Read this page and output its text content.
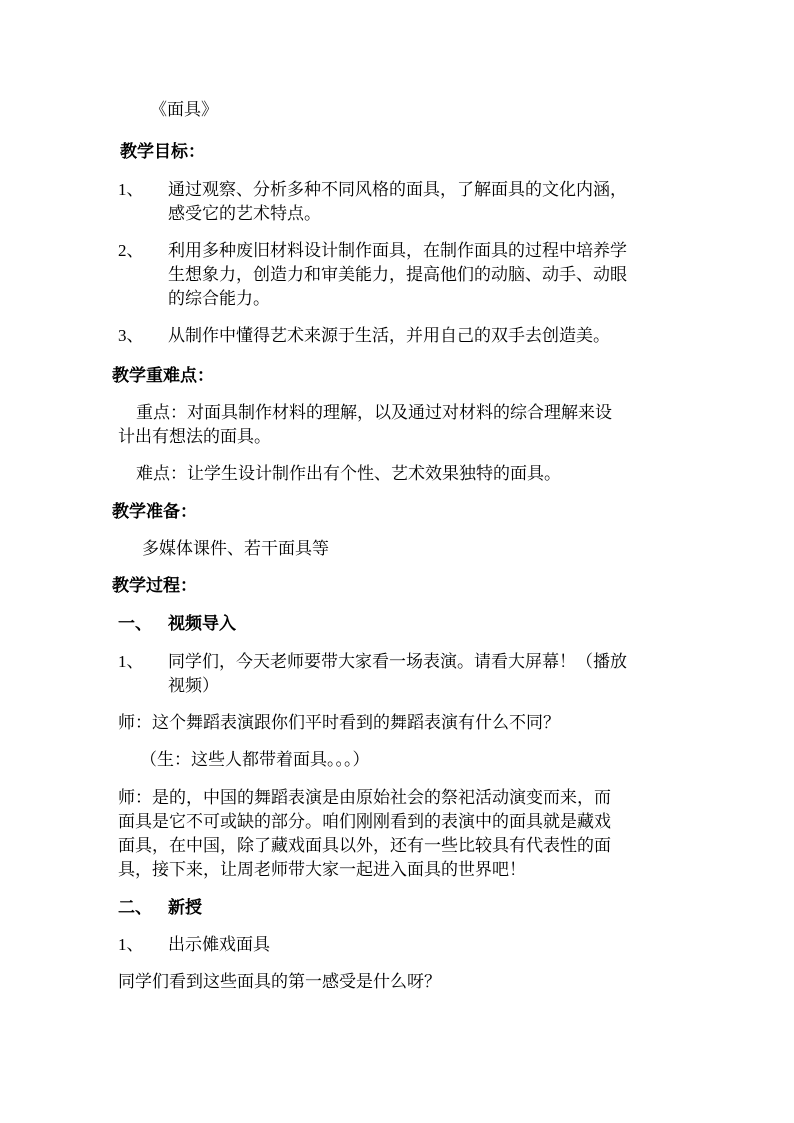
《面具》

教学目标：

1、 通过观察、分析多种不同风格的面具，了解面具的文化内涵，

感受它的艺术特点。

2、 利用多种废旧材料设计制作面具，在制作面具的过程中培养学

生想象力，创造力和审美能力，提高他们的动脑、动手、动眼

的综合能力。

3、 从制作中懂得艺术来源于生活，并用自己的双手去创造美。

教学重难点：

重点：对面具制作材料的理解，以及通过对材料的综合理解来设

计出有想法的面具。

难点：让学生设计制作出有个性、艺术效果独特的面具。

教学准备：

多媒体课件、若干面具等

教学过程：

一、 视频导入
1、 同学们，今天老师要带大家看一场表演。请看大屏幕！（播放

视频）

师：这个舞蹈表演跟你们平时看到的舞蹈表演有什么不同？

（生：这些人都带着面具。。。）

师：是的，中国的舞蹈表演是由原始社会的祭祀活动演变而来，而

面具是它不可或缺的部分。咱们刚刚看到的表演中的面具就是藏戏

面具，在中国，除了藏戏面具以外，还有一些比较具有代表性的面

具，接下来，让周老师带大家一起进入面具的世界吧！

二、 新授
1、 出示傩戏面具

同学们看到这些面具的第一感受是什么呀？
